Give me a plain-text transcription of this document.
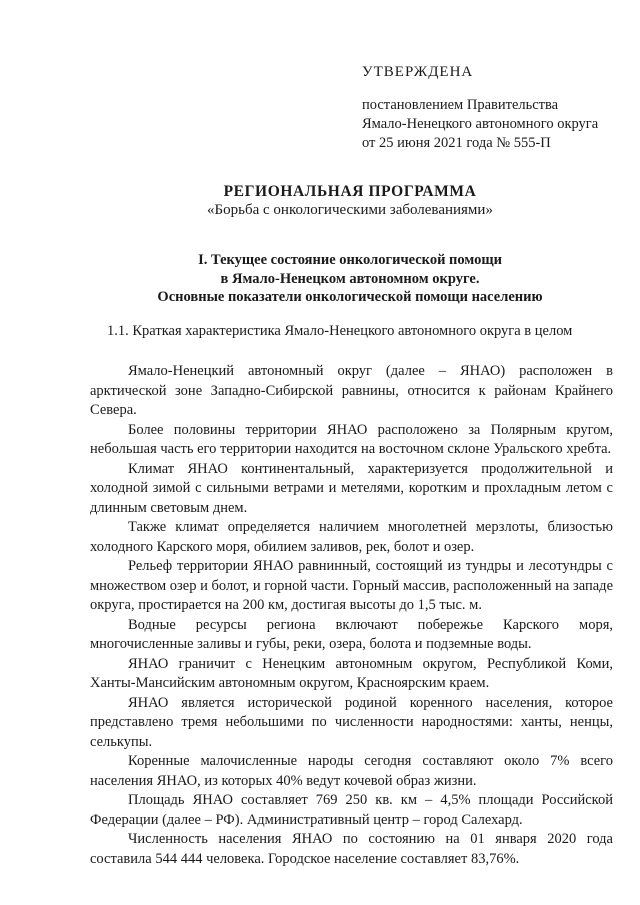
УТВЕРЖДЕНА
постановлением Правительства
Ямало-Ненецкого автономного округа
от 25 июня 2021 года № 555-П
РЕГИОНАЛЬНАЯ ПРОГРАММА
«Борьба с онкологическими заболеваниями»
I. Текущее состояние онкологической помощи
в Ямало-Ненецком автономном округе.
Основные показатели онкологической помощи населению
1.1. Краткая характеристика Ямало-Ненецкого автономного округа в целом

Ямало-Ненецкий автономный округ (далее – ЯНАО) расположен в арктической зоне Западно-Сибирской равнины, относится к районам Крайнего Севера.

Более половины территории ЯНАО расположено за Полярным кругом, небольшая часть его территории находится на восточном склоне Уральского хребта.

Климат ЯНАО континентальный, характеризуется продолжительной и холодной зимой с сильными ветрами и метелями, коротким и прохладным летом с длинным световым днем.

Также климат определяется наличием многолетней мерзлоты, близостью холодного Карского моря, обилием заливов, рек, болот и озер.

Рельеф территории ЯНАО равнинный, состоящий из тундры и лесотундры с множеством озер и болот, и горной части. Горный массив, расположенный на западе округа, простирается на 200 км, достигая высоты до 1,5 тыс. м.

Водные ресурсы региона включают побережье Карского моря, многочисленные заливы и губы, реки, озера, болота и подземные воды.

ЯНАО граничит с Ненецким автономным округом, Республикой Коми, Ханты-Мансийским автономным округом, Красноярским краем.

ЯНАО является исторической родиной коренного населения, которое представлено тремя небольшими по численности народностями: ханты, ненцы, селькупы.

Коренные малочисленные народы сегодня составляют около 7% всего населения ЯНАО, из которых 40% ведут кочевой образ жизни.

Площадь ЯНАО составляет 769 250 кв. км – 4,5% площади Российской Федерации (далее – РФ). Административный центр – город Салехард.

Численность населения ЯНАО по состоянию на 01 января 2020 года составила 544 444 человека. Городское население составляет 83,76%.
